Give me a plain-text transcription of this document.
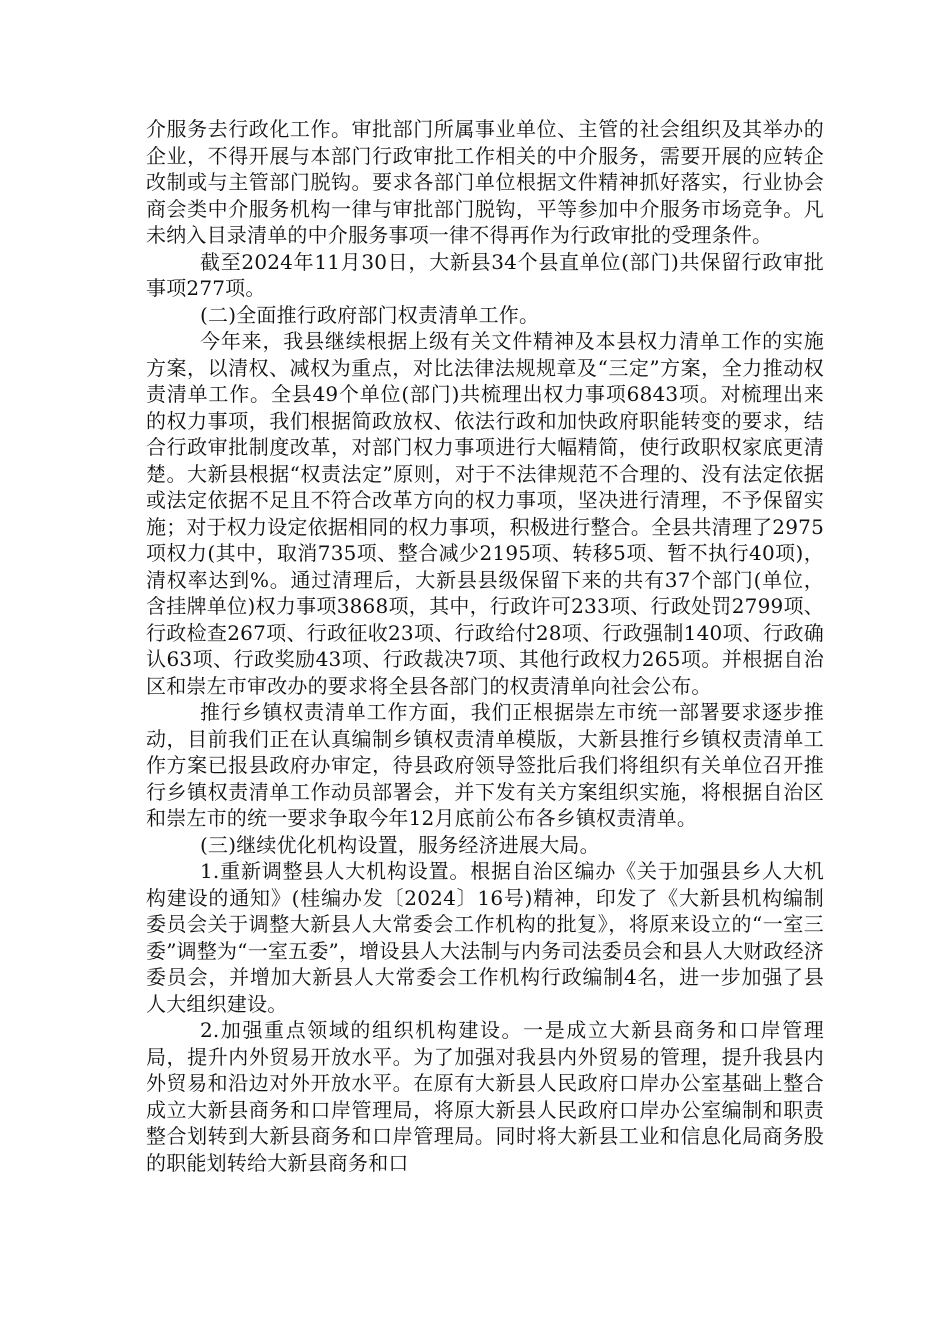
介服务去行政化工作。审批部门所属事业单位、主管的社会组织及其举办的企业，不得开展与本部门行政审批工作相关的中介服务，需要开展的应转企改制或与主管部门脱钩。要求各部门单位根据文件精神抓好落实，行业协会商会类中介服务机构一律与审批部门脱钩，平等参加中介服务市场竞争。凡未纳入目录清单的中介服务事项一律不得再作为行政审批的受理条件。

截至2024年11月30日，大新县34个县直单位(部门)共保留行政审批事项277项。

(二)全面推行政府部门权责清单工作。

今年来，我县继续根据上级有关文件精神及本县权力清单工作的实施方案，以清权、减权为重点，对比法律法规规章及“三定”方案，全力推动权责清单工作。全县49个单位(部门)共梳理出权力事项6843项。对梳理出来的权力事项，我们根据简政放权、依法行政和加快政府职能转变的要求，结合行政审批制度改革，对部门权力事项进行大幅精简，使行政职权家底更清楚。大新县根据“权责法定”原则，对于不法律规范不合理的、没有法定依据或法定依据不足且不符合改革方向的权力事项，坚决进行清理，不予保留实施；对于权力设定依据相同的权力事项，积极进行整合。全县共清理了2975项权力(其中，取消735项、整合减少2195项、转移5项、暂不执行40项)，清权率达到%。通过清理后，大新县县级保留下来的共有37个部门(单位，含挂牌单位)权力事项3868项，其中，行政许可233项、行政处罚2799项、行政检查267项、行政征收23项、行政给付28项、行政强制140项、行政确认63项、行政奖励43项、行政裁决7项、其他行政权力265项。并根据自治区和崇左市审改办的要求将全县各部门的权责清单向社会公布。

推行乡镇权责清单工作方面，我们正根据崇左市统一部署要求逐步推动，目前我们正在认真编制乡镇权责清单模版，大新县推行乡镇权责清单工作方案已报县政府办审定，待县政府领导签批后我们将组织有关单位召开推行乡镇权责清单工作动员部署会，并下发有关方案组织实施，将根据自治区和崇左市的统一要求争取今年12月底前公布各乡镇权责清单。

(三)继续优化机构设置，服务经济进展大局。

1.重新调整县人大机构设置。根据自治区编办《关于加强县乡人大机构建设的通知》(桂编办发〔2024〕16号)精神，印发了《大新县机构编制委员会关于调整大新县人大常委会工作机构的批复》，将原来设立的“一室三委”调整为“一室五委”，增设县人大法制与内务司法委员会和县人大财政经济委员会，并增加大新县人大常委会工作机构行政编制4名，进一步加强了县人大组织建设。

2.加强重点领域的组织机构建设。一是成立大新县商务和口岸管理局，提升内外贸易开放水平。为了加强对我县内外贸易的管理，提升我县内外贸易和沿边对外开放水平。在原有大新县人民政府口岸办公室基础上整合成立大新县商务和口岸管理局，将原大新县人民政府口岸办公室编制和职责整合划转到大新县商务和口岸管理局。同时将大新县工业和信息化局商务股的职能划转给大新县商务和口
